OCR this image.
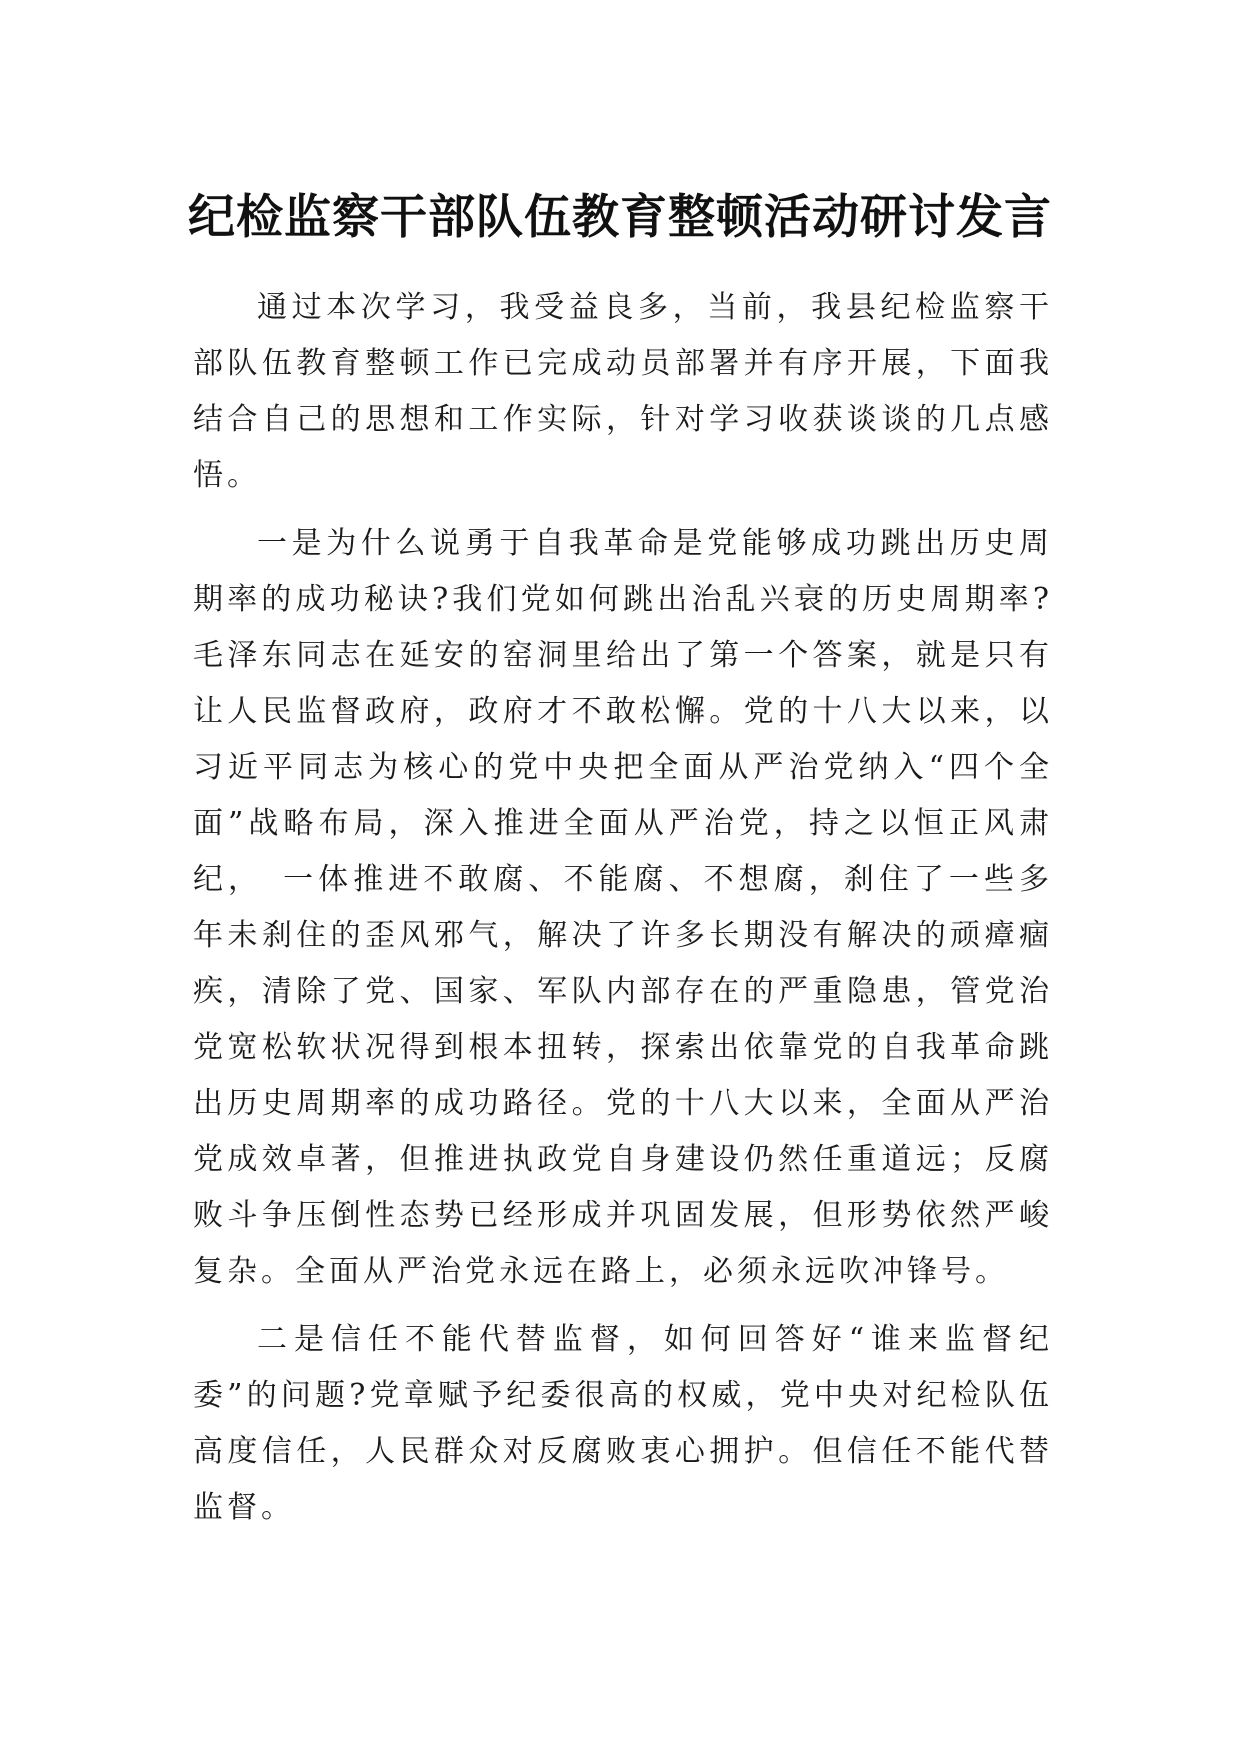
纪检监察干部队伍教育整顿活动研讨发言

通过本次学习，我受益良多，当前，我县纪检监察干部队伍教育整顿工作已完成动员部署并有序开展，下面我结合自己的思想和工作实际，针对学习收获谈谈的几点感悟。

一是为什么说勇于自我革命是党能够成功跳出历史周期率的成功秘诀?我们党如何跳出治乱兴衰的历史周期率?毛泽东同志在延安的窑洞里给出了第一个答案，就是只有让人民监督政府，政府才不敢松懈。党的十八大以来，以习近平同志为核心的党中央把全面从严治党纳入“四个全面”战略布局，深入推进全面从严治党，持之以恒正风肃纪，　一体推进不敢腐、不能腐、不想腐，刹住了一些多年未刹住的歪风邪气，解决了许多长期没有解决的顽瘴痼疾，清除了党、国家、军队内部存在的严重隐患，管党治党宽松软状况得到根本扭转，探索出依靠党的自我革命跳出历史周期率的成功路径。党的十八大以来，全面从严治党成效卓著，但推进执政党自身建设仍然任重道远；反腐败斗争压倒性态势已经形成并巩固发展，但形势依然严峻复杂。全面从严治党永远在路上，必须永远吹冲锋号。

二是信任不能代替监督，如何回答好“谁来监督纪委”的问题?党章赋予纪委很高的权威，党中央对纪检队伍高度信任，人民群众对反腐败衷心拥护。但信任不能代替监督。
